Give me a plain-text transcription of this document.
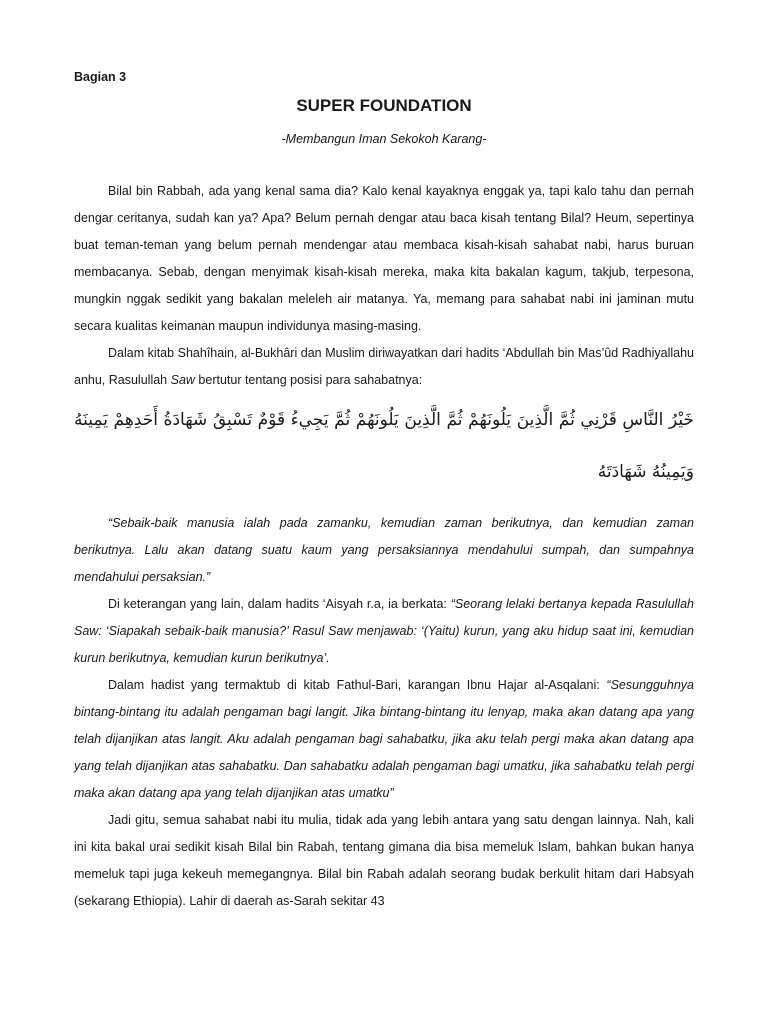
Bagian 3

SUPER FOUNDATION

-Membangun Iman Sekokoh Karang-

Bilal bin Rabbah, ada yang kenal sama dia? Kalo kenal kayaknya enggak ya, tapi kalo tahu dan pernah dengar ceritanya, sudah kan ya? Apa? Belum pernah dengar atau baca kisah tentang Bilal? Heum, sepertinya buat teman-teman yang belum pernah mendengar atau membaca kisah-kisah sahabat nabi, harus buruan membacanya. Sebab, dengan menyimak kisah-kisah mereka, maka kita bakalan kagum, takjub, terpesona, mungkin nggak sedikit yang bakalan meleleh air matanya. Ya, memang para sahabat nabi ini jaminan mutu secara kualitas keimanan maupun individunya masing-masing.

Dalam kitab Shahîhain, al-Bukhâri dan Muslim diriwayatkan dari hadits ‘Abdullah bin Mas’ûd Radhiyallahu anhu, Rasulullah Saw bertutur tentang posisi para sahabatnya:

خَيْرُ النَّاسِ قَرْنِي ثُمَّ الَّذِينَ يَلُونَهُمْ ثُمَّ الَّذِينَ يَلُونَهُمْ ثُمَّ يَجِيءُ قَوْمٌ تَسْبِقُ شَهَادَةُ أَحَدِهِمْ يَمِينَهُ وَيَمِينُهُ شَهَادَتَهُ

“Sebaik-baik manusia ialah pada zamanku, kemudian zaman berikutnya, dan kemudian zaman berikutnya. Lalu akan datang suatu kaum yang persaksiannya mendahului sumpah, dan sumpahnya mendahului persaksian.”

Di keterangan yang lain, dalam hadits ‘Aisyah r.a, ia berkata: “Seorang lelaki bertanya kepada Rasulullah Saw: ‘Siapakah sebaik-baik manusia?’ Rasul Saw menjawab: ‘(Yaitu) kurun, yang aku hidup saat ini, kemudian kurun berikutnya, kemudian kurun berikutnya’.

Dalam hadist yang termaktub di kitab Fathul-Bari, karangan Ibnu Hajar al-Asqalani: “Sesungguhnya bintang-bintang itu adalah pengaman bagi langit. Jika bintang-bintang itu lenyap, maka akan datang apa yang telah dijanjikan atas langit. Aku adalah pengaman bagi sahabatku, jika aku telah pergi maka akan datang apa yang telah dijanjikan atas sahabatku. Dan sahabatku adalah pengaman bagi umatku, jika sahabatku telah pergi maka akan datang apa yang telah dijanjikan atas umatku”

Jadi gitu, semua sahabat nabi itu mulia, tidak ada yang lebih antara yang satu dengan lainnya. Nah, kali ini kita bakal urai sedikit kisah Bilal bin Rabah, tentang gimana dia bisa memeluk Islam, bahkan bukan hanya memeluk tapi juga kekeuh memegangnya. Bilal bin Rabah adalah seorang budak berkulit hitam dari Habsyah (sekarang Ethiopia). Lahir di daerah as-Sarah sekitar 43
